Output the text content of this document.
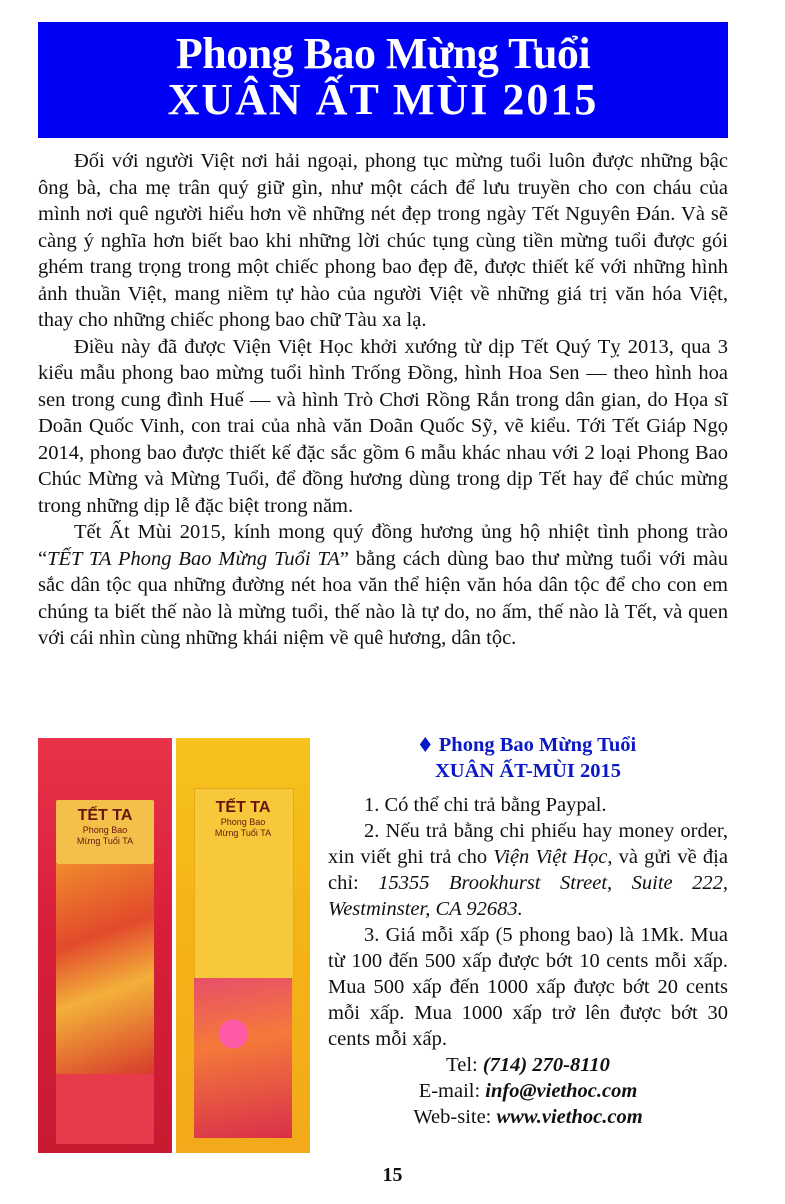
Phong Bao Mừng Tuổi
XUÂN ẤT MÙI 2015

Đối với người Việt nơi hải ngoại, phong tục mừng tuổi luôn được những bậc ông bà, cha mẹ trân quý giữ gìn, như một cách để lưu truyền cho con cháu của mình nơi quê người hiểu hơn về những nét đẹp trong ngày Tết Nguyên Đán. Và sẽ càng ý nghĩa hơn biết bao khi những lời chúc tụng cùng tiền mừng tuổi được gói ghém trang trọng trong một chiếc phong bao đẹp đẽ, được thiết kế với những hình ảnh thuần Việt, mang niềm tự hào của người Việt về những giá trị văn hóa Việt, thay cho những chiếc phong bao chữ Tàu xa lạ.

Điều này đã được Viện Việt Học khởi xướng từ dịp Tết Quý Tỵ 2013, qua 3 kiểu mẫu phong bao mừng tuổi hình Trống Đồng, hình Hoa Sen — theo hình hoa sen trong cung đình Huế — và hình Trò Chơi Rồng Rắn trong dân gian, do Họa sĩ Doãn Quốc Vinh, con trai của nhà văn Doãn Quốc Sỹ, vẽ kiểu. Tới Tết Giáp Ngọ 2014, phong bao được thiết kế đặc sắc gồm 6 mẫu khác nhau với 2 loại Phong Bao Chúc Mừng và Mừng Tuổi, để đồng hương dùng trong dịp Tết hay để chúc mừng trong những dịp lễ đặc biệt trong năm.

Tết Ất Mùi 2015, kính mong quý đồng hương ủng hộ nhiệt tình phong trào “TẾT TA Phong Bao Mừng Tuổi TA” bằng cách dùng bao thư mừng tuổi với màu sắc dân tộc qua những đường nét hoa văn thể hiện văn hóa dân tộc để cho con em chúng ta biết thế nào là mừng tuổi, thế nào là tự do, no ấm, thế nào là Tết, và quen với cái nhìn cùng những khái niệm về quê hương, dân tộc.

TẾT TA
Phong Bao
Mừng Tuổi TA
TẾT TA
Phong Bao
Mừng Tuổi TA
Phong Bao Mừng Tuổi
XUÂN ẤT-MÙI 2015
1. Có thể chi trả bằng Paypal.
2. Nếu trả bằng chi phiếu hay money order, xin viết ghi trả cho Viện Việt Học, và gửi về địa chỉ: 15355 Brookhurst Street, Suite 222, Westminster, CA 92683.
3. Giá mỗi xấp (5 phong bao) là 1Mk. Mua từ 100 đến 500 xấp được bớt 10 cents mỗi xấp. Mua 500 xấp đến 1000 xấp được bớt 20 cents mỗi xấp. Mua 1000 xấp trở lên được bớt 30 cents mỗi xấp.
Tel: (714) 270-8110
E-mail: info@viethoc.com
Web-site: www.viethoc.com
15
